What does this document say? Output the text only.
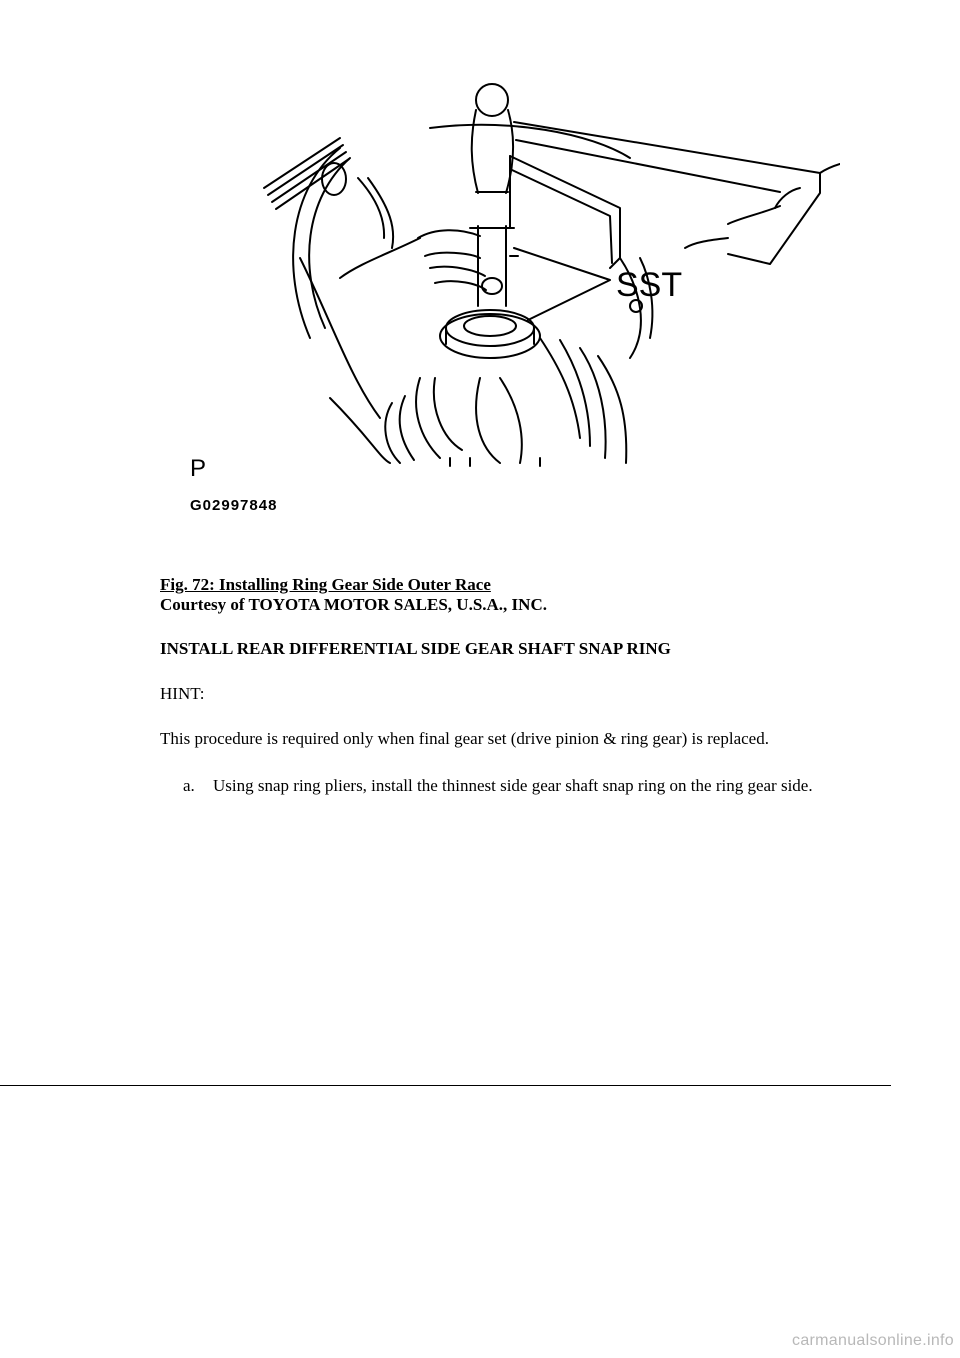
SST
P
G02997848
Fig. 72: Installing Ring Gear Side Outer Race
Courtesy of TOYOTA MOTOR SALES, U.S.A., INC.
INSTALL REAR DIFFERENTIAL SIDE GEAR SHAFT SNAP RING
HINT:
This procedure is required only when final gear set (drive pinion & ring gear) is replaced.
a. Using snap ring pliers, install the thinnest side gear shaft snap ring on the ring gear side.
carmanualsonline.info
